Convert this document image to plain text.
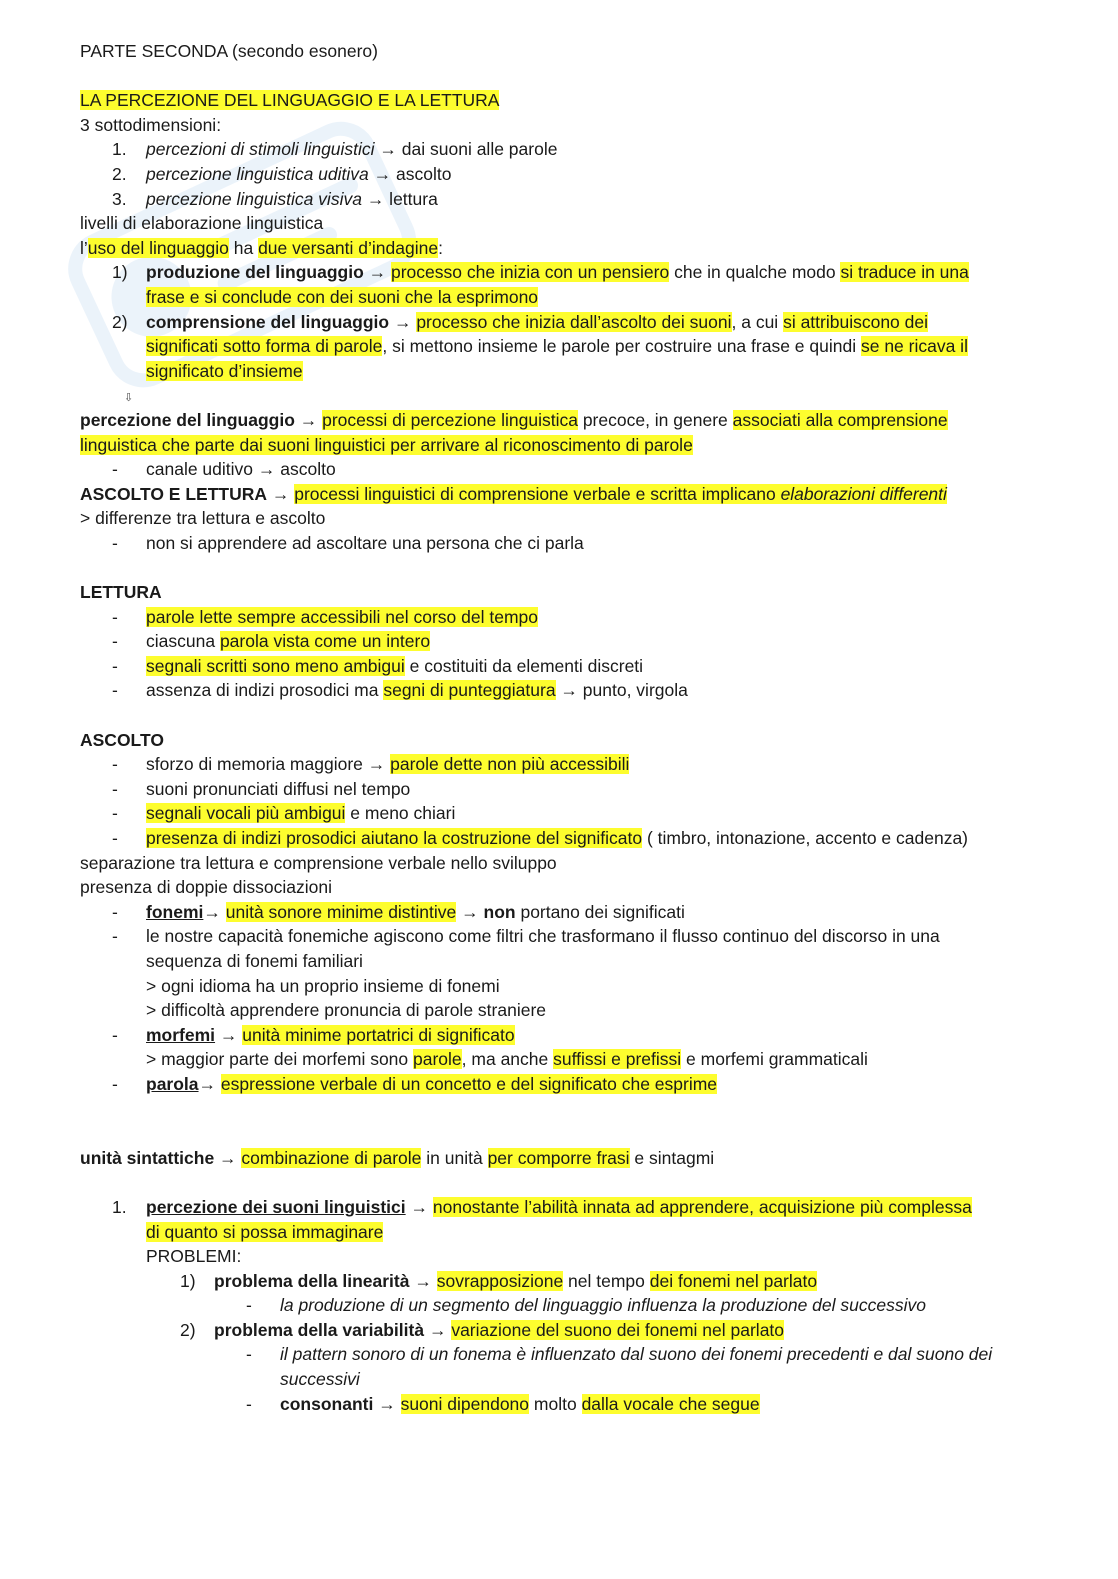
PARTE SECONDA (secondo esonero)
LA PERCEZIONE DEL LINGUAGGIO E LA LETTURA
3 sottodimensioni:
1. percezioni di stimoli linguistici → dai suoni alle parole
2. percezione linguistica uditiva → ascolto
3. percezione linguistica visiva → lettura
livelli di elaborazione linguistica
l’uso del linguaggio ha due versanti d’indagine:
1) produzione del linguaggio → processo che inizia con un pensiero che in qualche modo si traduce in una
frase e si conclude con dei suoni che la esprimono
2) comprensione del linguaggio → processo che inizia dall’ascolto dei suoni, a cui si attribuiscono dei
significati sotto forma di parole, si mettono insieme le parole per costruire una frase e quindi se ne ricava il
significato d’insieme
⇩
percezione del linguaggio → processi di percezione linguistica precoce, in genere associati alla comprensione
linguistica che parte dai suoni linguistici per arrivare al riconoscimento di parole
- canale uditivo → ascolto
ASCOLTO E LETTURA → processi linguistici di comprensione verbale e scritta implicano elaborazioni differenti
> differenze tra lettura e ascolto
- non si apprendere ad ascoltare una persona che ci parla
LETTURA
- parole lette sempre accessibili nel corso del tempo
- ciascuna parola vista come un intero
- segnali scritti sono meno ambigui e costituiti da elementi discreti
- assenza di indizi prosodici ma segni di punteggiatura → punto, virgola
ASCOLTO
- sforzo di memoria maggiore → parole dette non più accessibili
- suoni pronunciati diffusi nel tempo
- segnali vocali più ambigui e meno chiari
- presenza di indizi prosodici aiutano la costruzione del significato ( timbro, intonazione, accento e cadenza)
separazione tra lettura e comprensione verbale nello sviluppo
presenza di doppie dissociazioni
- fonemi→ unità sonore minime distintive → non portano dei significati
- le nostre capacità fonemiche agiscono come filtri che trasformano il flusso continuo del discorso in una
sequenza di fonemi familiari
> ogni idioma ha un proprio insieme di fonemi
> difficoltà apprendere pronuncia di parole straniere
- morfemi → unità minime portatrici di significato
> maggior parte dei morfemi sono parole, ma anche suffissi e prefissi e morfemi grammaticali
- parola→ espressione verbale di un concetto e del significato che esprime
unità sintattiche → combinazione di parole in unità per comporre frasi e sintagmi
1. percezione dei suoni linguistici → nonostante l’abilità innata ad apprendere, acquisizione più complessa
di quanto si possa immaginare
PROBLEMI:
1) problema della linearità → sovrapposizione nel tempo dei fonemi nel parlato
- la produzione di un segmento del linguaggio influenza la produzione del successivo
2) problema della variabilità → variazione del suono dei fonemi nel parlato
- il pattern sonoro di un fonema è influenzato dal suono dei fonemi precedenti e dal suono dei
successivi
- consonanti → suoni dipendono molto dalla vocale che segue
